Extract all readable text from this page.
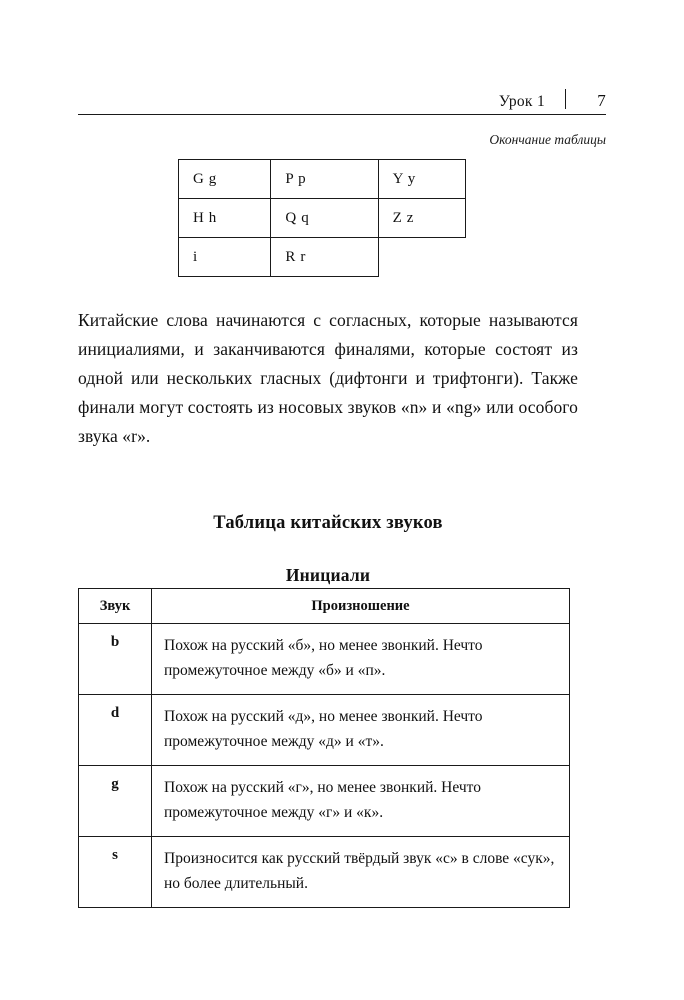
Урок 1	7
Окончание таблицы
G g	P p	Y y
H h	Q q	Z z
i	R r	

Китайские слова начинаются с согласных, которые называются инициалиями, и заканчиваются финалями, которые состоят из одной или нескольких гласных (дифтонги и трифтонги). Также финали могут состоять из носовых звуков «n» и «ng» или особого звука «r».

Таблица китайских звуков
Инициали
Звук	Произношение
b	Похож на русский «б», но менее звонкий. Нечто промежуточное между «б» и «п».
d	Похож на русский «д», но менее звонкий. Нечто промежуточное между «д» и «т».
g	Похож на русский «г», но менее звонкий. Нечто промежуточное между «г» и «к».
s	Произносится как русский твёрдый звук «с» в слове «сук», но более длительный.
